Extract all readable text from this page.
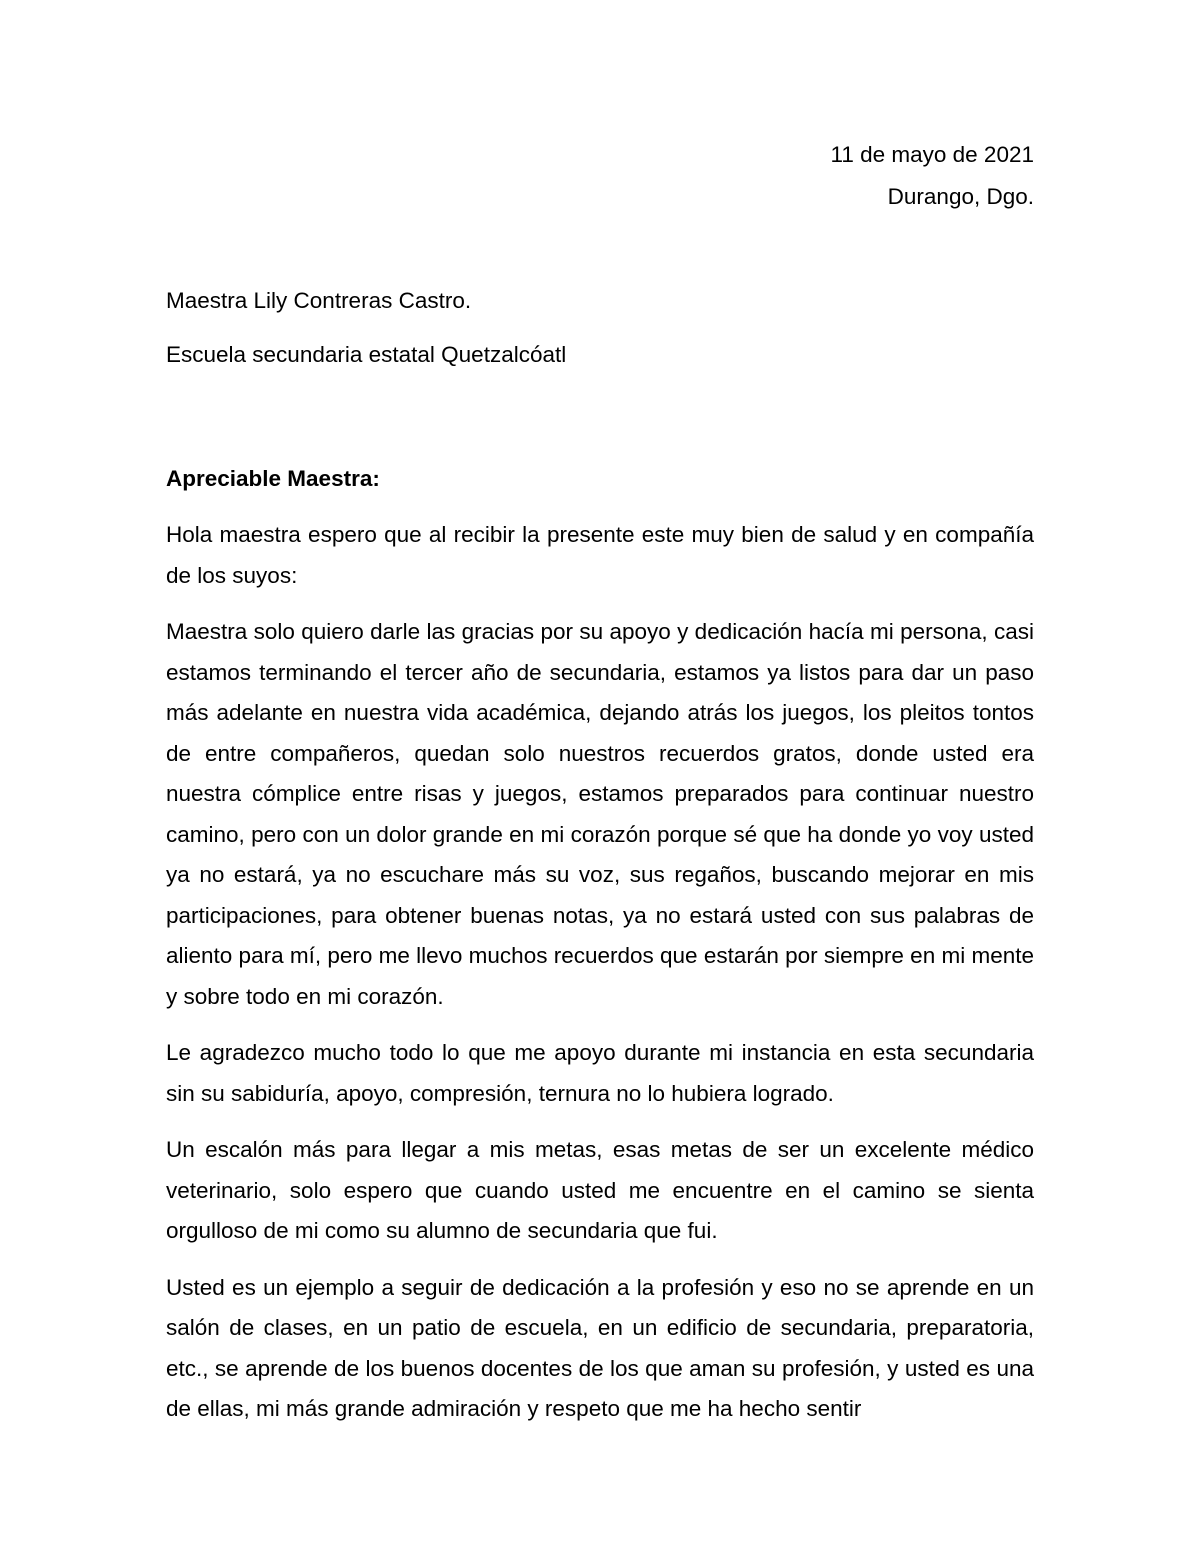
11 de mayo de 2021

Durango, Dgo.

Maestra Lily Contreras Castro.

Escuela secundaria estatal Quetzalcóatl

Apreciable Maestra:

Hola maestra espero que al recibir la presente este muy bien de salud y en compañía de los suyos:

Maestra solo quiero darle las gracias por su apoyo y dedicación hacía mi persona, casi estamos terminando el tercer año de secundaria, estamos ya listos para dar un paso más adelante en nuestra vida académica, dejando atrás los juegos, los pleitos tontos de entre compañeros, quedan solo nuestros recuerdos gratos, donde usted era nuestra cómplice entre risas y juegos, estamos preparados para continuar nuestro camino, pero con un dolor grande en mi corazón porque sé que ha donde yo voy usted ya no estará, ya no escuchare más su voz, sus regaños, buscando mejorar en mis participaciones, para obtener buenas notas, ya no estará usted con sus palabras de aliento para mí, pero me llevo muchos recuerdos que estarán por siempre en mi mente y sobre todo en mi corazón.

Le agradezco mucho todo lo que me apoyo durante mi instancia en esta secundaria sin su sabiduría, apoyo, compresión, ternura no lo hubiera logrado.

Un escalón más para llegar a mis metas, esas metas de ser un excelente médico veterinario, solo espero que cuando usted me encuentre en el camino se sienta orgulloso de mi como su alumno de secundaria que fui.

Usted es un ejemplo a seguir de dedicación a la profesión y eso no se aprende en un salón de clases, en un patio de escuela, en un edificio de secundaria, preparatoria, etc., se aprende de los buenos docentes de los que aman su profesión, y usted es una de ellas, mi más grande admiración y respeto que me ha hecho sentir
